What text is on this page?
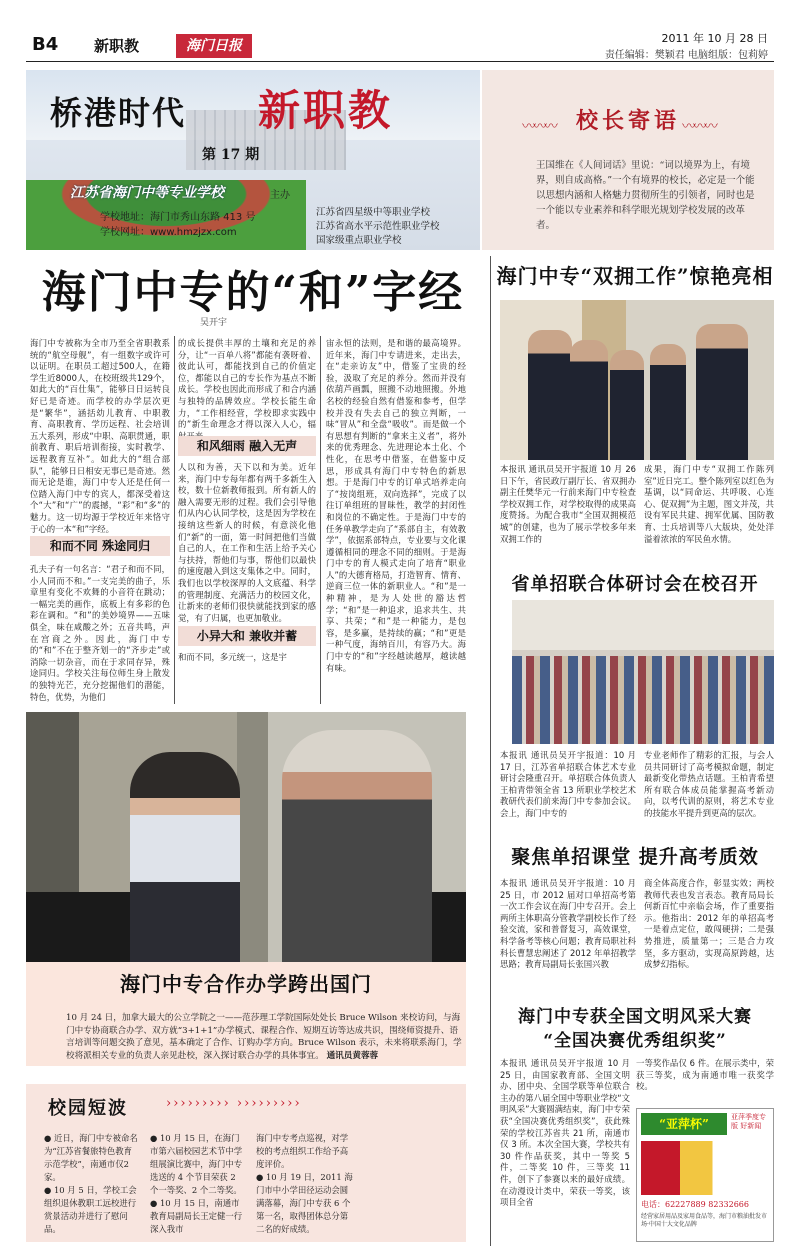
B4 新职教	海门日报	2011 年 10 月 28 日
责任编辑：樊颖君 电脑组版：包莉婷
桥港时代 新职教
第 17 期
江苏省海门中等专业学校	主办
学校地址：海门市秀山东路 413 号
学校网址：www.hmzjzx.com
江苏省四星级中等职业学校
江苏省高水平示范性职业学校
国家级重点职业学校
〰〰〰 校长寄语 〰〰〰
王国维在《人间词话》里说：“词以境界为上，有境界，则自成高格。”一个有境界的校长，必定是一个能以思想内涵和人格魅力贯彻所生的引领者，同时也是一个能以专业素养和科学眼光规划学校发展的改革者。
海门中专的“和”字经
吴开宇
海门中专被称为全市乃至全省职教系统的“航空母舰”，有一组数字或许可以证明。在职员工超过500人，在籍学生近8000人，在校班级共129个，如此大的“百仕集”，能够日日运转良好已是奇迹。而学校的办学层次更是“繁华”，涵括幼儿教育、中职教育、高职教育、学历远程、社会培训五大系列，形成“中职、高职贯通，职前教育、职后培训衔接，实时教学、远程教育互补”。如此大的“组合部队”，能够日日相安无事已是奇迹。然而无论是谁，海门中专人还是任何一位踏入海门中专的宾人，都深受着这个“大”和“广”的震撼，“彩”和“多”的魅力。这一切均源于学校近年来恪守于心的一本“和”字经。
和而不同 殊途同归
孔夫子有一句名言：“君子和而不同，小人同而不和。”一支完美的曲子，乐章里有变化不欢舞的小音符在跳动；一幅完美的画作，底板上有多彩的色彩在调和。“和”的美妙境界——五味俱全，味在咸酸之外；五音共鸣，声在宫商之外。因此，海门中专的“和”不在于整齐划一的“齐步走”或消除一切杂音，而在于求同存异，殊途同归。学校关注每位师生身上散发的独特光芒，充分挖掘他们的潜能，特色，优势，为他们
的成长提供丰厚的土壤和充足的养分，让“一百单八将”都能有袭呀着、彼此认可，都能找到自己的价值定位，都能以自己的专长作为基点不断成长。学校也因此而形成了和合内涵与独特的品牌效应。学校长能生命力，“工作相经营，学校即求实践中的”新生命理念才得以深入人心，辐
和风细雨 融入无声
人以和为善，天下以和为美。近年来，海门中专每年都有两千多新生入校，数十位新教师报到。所有新人的融入需要无形的过程。我们会引导他们从内心认同学校，这是因为学校在接纳这些新人的时候，有意淡化他们“新”的一面，第一时间把他们当做自己的人，在工作和生活上给予关心与扶持，帮他们与事，帮他们以最快的速度融入到这支集体之中。同时，我们也以学校深厚的人文底蕴、科学的管理制度、充满活力的校园文化，让新来的老师们很快就能找到家的感觉，有了归属，也更加敬业。
小异大和 兼收并蓄
和而不同，多元统一，这是宇
宙永恒的法则，是和谐的最高境界。近年来，海门中专请进来，走出去，在“走亲访友”中，借鉴了宝贵的经验，汲取了充足的养分。然而并没有依葫芦画瓢，照搬不动地照搬。外地名校的经验自然有借鉴和参考，但学校并没有失去自己的独立判断，一味“冒从”和全盘“吸收”。而是做一个有思想有判断的“拿来主义者”，将外来的优秀理念、先进理论本土化、个性化，在思考中借鉴，在借鉴中反思，形成具有海门中专特色的新思想。于是海门中专的订单式培养走向了“按岗组班，双向选择”，完成了以往订单组班的冒昧性，教学的封闭性和岗位的不确定性。于是海门中专的任务单教学走向了“系部自主，有效教学”，依据系部特点，专业要与文化课遵循相同的理念不同的细则。于是海门中专的育人模式走向了培育“职业人”的大德育格局，打造智育、情育、逆商三位一体的新职业人。“和”是一种精神，是为人处世的豁达哲学；“和”是一种追求，追求共生、共享、共荣；“和”是一种能力，是包容，是多赢，是持续的赢；“和”更是一种气度，海纳百川，有容乃大。海门中专的“和”字经越读越厚，越读越有味。
海门中专合作办学跨出国门
10 月 24 日，加拿大最大的公立学院之一——范莎理工学院国际处处长 Bruce Wilson 来校访问，与海门中专协商联合办学、双方就“3+1+1”办学模式、课程合作、短期互访等达成共识，围绕师资提升、语言培训等问题交换了意见，基本确定了合作、订购办学方向。Bruce Wilson 表示，未来将联系海门，学校将派相关专业的负责人亲见赴校，深入探讨联合办学的具体事宜。 通讯员黄蓉蓉
校园短波	››››››››› ›››››››››
● 近日，海门中专被命名为“江苏省餐旅特色教育示范学校”，南通市仅2家。
● 10 月 5 日，学校工会组织退休教职工远校进行赏景活动并进行了慰问品。
● 10 月 15 日，在海门市第六届校园艺术节中学组展演比赛中，海门中专选送的 4 个节目荣获 2 个一等奖、2 个二等奖。
● 10 月 15 日，南通市教育局副局长王定健一行深入我市
海门中专考点巡视，对学校的考点组织工作给予高度评价。
● 10 月 19 日，2011 海门市中小学田径运动会圆满落幕，海门中专获 6 个第一名，取得团体总分第二名的好成绩。
海门中专“双拥工作”惊艳亮相
本报讯 通讯员吴开宇报道 10 月 26 日下午，省民政厅副厅长、省双拥办副主任樊华元一行前来海门中专检查学校双拥工作，对学校取得的成果高度赞扬。为配合我市“全国双拥模范城”的创建，也为了展示学校多年来双拥工作的
成果，海门中专“双拥工作陈列室”近日完工。整个陈列室以红色为基调，以“同命运、共呼吸、心连心、促双拥”为主题，图文并茂，共设有军民共建、拥军优属、国防教育、士兵培训等八大版块，处处洋溢着浓浓的军民鱼水情。
省单招联合体研讨会在校召开
本报讯 通讯员吴开宇报道：10 月 17 日，江苏省单招联合体艺术专业研讨会隆重召开。单招联合体负责人王柏青带领全省 13 所职业学校艺术教研代表们前来海门中专参加会议。会上，海门中专的
专业老师作了精彩的汇报，与会人员共同研讨了高考模拟命题，制定最新变化带热点话题。王柏青希望所有联合体成员能掌握高考新动向，以考代训的原则，将艺术专业的技能水平提升到更高的层次。
聚焦单招课堂 提升高考质效
本报讯 通讯员吴开宇报道：10 月 25 日，市 2012 届对口单招高考第一次工作会议在海门中专召开。会上两所主体职高分管教学副校长作了经验交流，家和普督复习，高效课堂，科学备考等核心问题；教育局职社科科长曹慧忠阐述了 2012 年单招教学思路；教育局副局长张国兴教
商全体高度合作，彰显实效；两校教师代表也发言表态。教育局局长何新百忙中亲临会场，作了重要指示。他指出：2012 年的单招高考一是着点定位，敢闯硬拼；二是强势推进，质量第一；三是合力攻坚，多方驱动，实现高原跨越，达成梦幻指标。
海门中专获全国文明风采大赛
“全国决赛优秀组织奖”
本报讯 通讯员吴开宇报道 10 月 25 日，由国家教育部、全国文明办、团中央、全国学联等单位联合主办的第八届全国中等职业学校“文明风采”大赛圆满结束，海门中专荣获“全国决赛优秀组织奖”，获此殊荣的学校江苏省共 21 所，南通市仅 3 所。本次全国大赛，学校共有 30 件作品获奖，其中一等奖 5 件，二等奖 10 件，三等奖 11 件，创下了参赛以来的最好成绩。在动漫设计类中，荣获一等奖，该项目全省
一等奖作品仅 6 件。在展示类中，荣获三等奖，成为南通市唯一获奖学校。
“亚萍杯”	亚萍季度专版 好新闻
电话：62227889 82332666
经营家居用品及家用食品等，海门市粮油批发市场·中国十大文化品牌
